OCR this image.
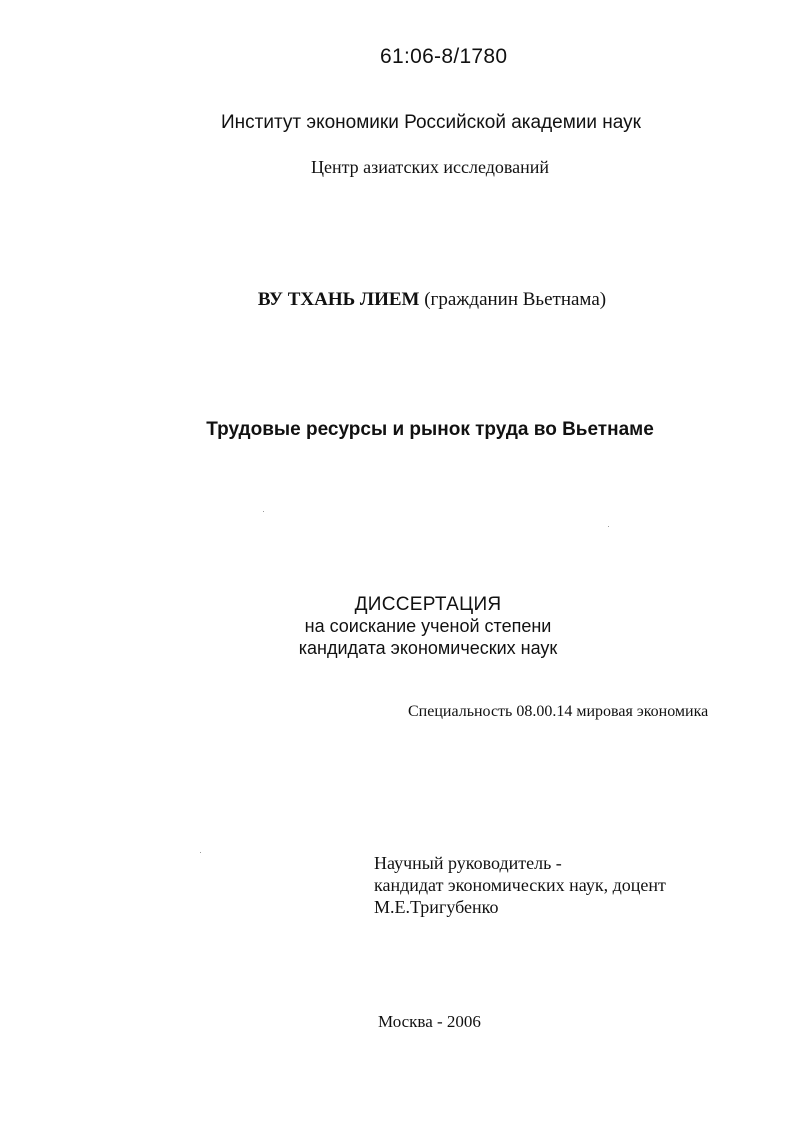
61:06-8/1780
Институт экономики Российской академии наук
Центр азиатских исследований
ВУ ТХАНЬ ЛИЕМ (гражданин Вьетнама)
Трудовые ресурсы и рынок труда во Вьетнаме
ДИССЕРТАЦИЯ
на соискание ученой степени
кандидата экономических наук
Специальность 08.00.14 мировая экономика
Научный руководитель -
кандидат экономических наук, доцент
М.Е.Тригубенко
Москва - 2006
